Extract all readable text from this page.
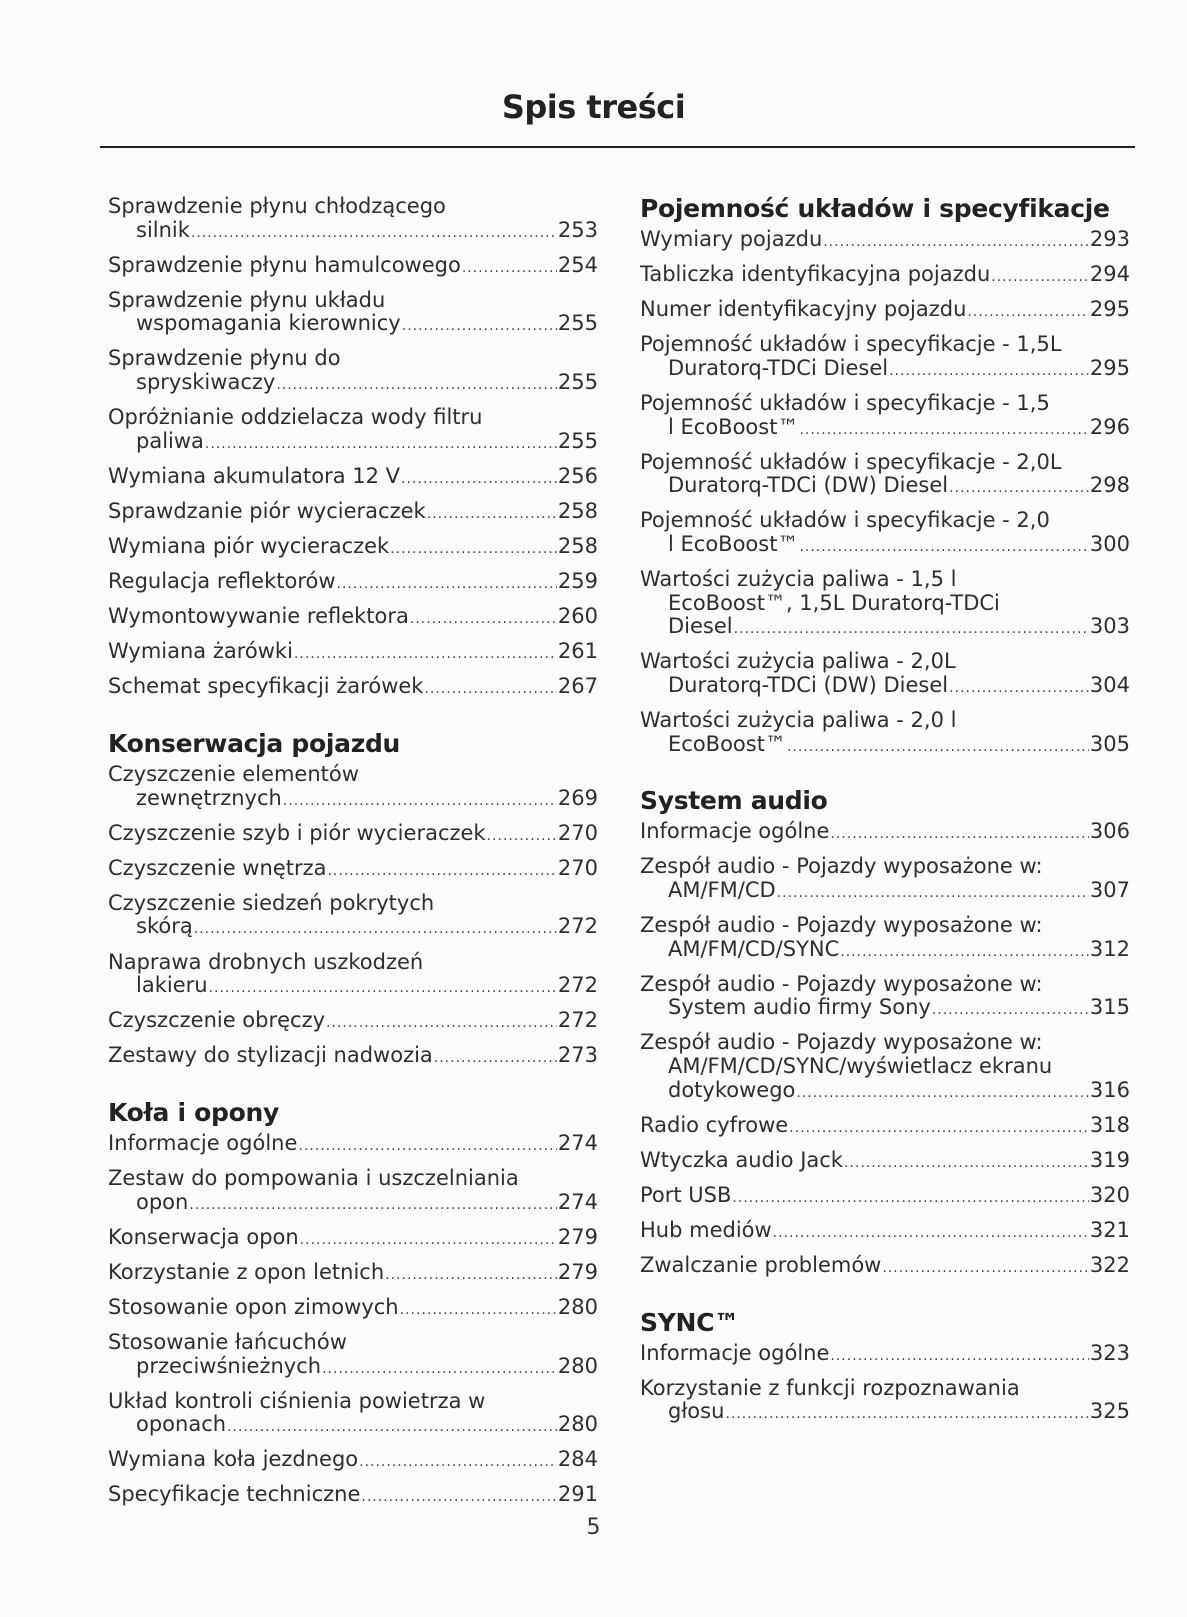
Spis treści
Sprawdzenie płynu chłodzącego
silnik .....	253
Sprawdzenie płynu hamulcowego .....	254
Sprawdzenie płynu układu
wspomagania kierownicy .....	255
Sprawdzenie płynu do
spryskiwaczy .....	255
Opróżnianie oddzielacza wody filtru
paliwa .....	255
Wymiana akumulatora 12 V .....	256
Sprawdzanie piór wycieraczek .....	258
Wymiana piór wycieraczek .....	258
Regulacja reflektorów .....	259
Wymontowywanie reflektora .....	260
Wymiana żarówki .....	261
Schemat specyfikacji żarówek .....	267
Konserwacja pojazdu
Czyszczenie elementów
zewnętrznych .....	269
Czyszczenie szyb i piór wycieraczek .....	270
Czyszczenie wnętrza .....	270
Czyszczenie siedzeń pokrytych
skórą .....	272
Naprawa drobnych uszkodzeń
lakieru .....	272
Czyszczenie obręczy .....	272
Zestawy do stylizacji nadwozia .....	273
Koła i opony
Informacje ogólne .....	274
Zestaw do pompowania i uszczelniania
opon .....	274
Konserwacja opon .....	279
Korzystanie z opon letnich .....	279
Stosowanie opon zimowych .....	280
Stosowanie łańcuchów
przeciwśnieżnych .....	280
Układ kontroli ciśnienia powietrza w
oponach .....	280
Wymiana koła jezdnego .....	284
Specyfikacje techniczne .....	291
Pojemność układów i specyfikacje
Wymiary pojazdu .....	293
Tabliczka identyfikacyjna pojazdu .....	294
Numer identyfikacyjny pojazdu .....	295
Pojemność układów i specyfikacje - 1,5L
Duratorq-TDCi Diesel .....	295
Pojemność układów i specyfikacje - 1,5
l EcoBoost™ .....	296
Pojemność układów i specyfikacje - 2,0L
Duratorq-TDCi (DW) Diesel .....	298
Pojemność układów i specyfikacje - 2,0
l EcoBoost™ .....	300
Wartości zużycia paliwa - 1,5 l
EcoBoost™, 1,5L Duratorq-TDCi
Diesel .....	303
Wartości zużycia paliwa - 2,0L
Duratorq-TDCi (DW) Diesel .....	304
Wartości zużycia paliwa - 2,0 l
EcoBoost™ .....	305
System audio
Informacje ogólne .....	306
Zespół audio - Pojazdy wyposażone w:
AM/FM/CD .....	307
Zespół audio - Pojazdy wyposażone w:
AM/FM/CD/SYNC .....	312
Zespół audio - Pojazdy wyposażone w:
System audio firmy Sony .....	315
Zespół audio - Pojazdy wyposażone w:
AM/FM/CD/SYNC/wyświetlacz ekranu
dotykowego .....	316
Radio cyfrowe .....	318
Wtyczka audio Jack .....	319
Port USB .....	320
Hub mediów .....	321
Zwalczanie problemów .....	322
SYNC™
Informacje ogólne .....	323
Korzystanie z funkcji rozpoznawania
głosu .....	325
5
